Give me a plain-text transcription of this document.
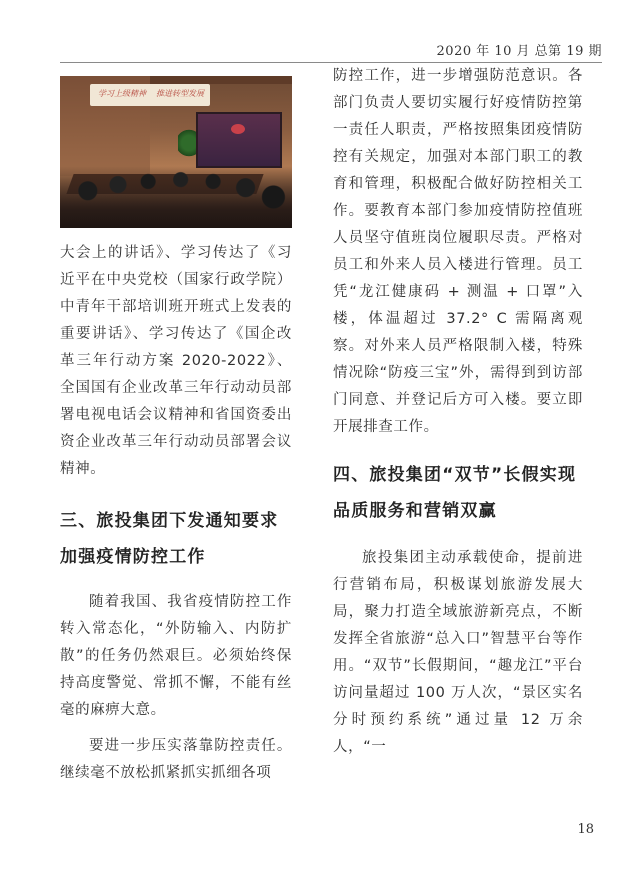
2020 年 10 月 总第 19 期
学习上级精神 推进转型发展

大会上的讲话》、学习传达了《习近平在中央党校（国家行政学院）中青年干部培训班开班式上发表的重要讲话》、学习传达了《国企改革三年行动方案 2020-2022》、全国国有企业改革三年行动动员部署电视电话会议精神和省国资委出资企业改革三年行动动员部署会议精神。

三、旅投集团下发通知要求加强疫情防控工作

随着我国、我省疫情防控工作转入常态化，“外防输入、内防扩散”的任务仍然艰巨。必须始终保持高度警觉、常抓不懈，不能有丝毫的麻痹大意。

要进一步压实落靠防控责任。继续毫不放松抓紧抓实抓细各项

防控工作，进一步增强防范意识。各部门负责人要切实履行好疫情防控第一责任人职责，严格按照集团疫情防控有关规定，加强对本部门职工的教育和管理，积极配合做好防控相关工作。要教育本部门参加疫情防控值班人员坚守值班岗位履职尽责。严格对员工和外来人员入楼进行管理。员工凭“龙江健康码 + 测温 + 口罩”入楼，体温超过 37.2° C 需隔离观察。对外来人员严格限制入楼，特殊情况除“防疫三宝”外，需得到到访部门同意、并登记后方可入楼。要立即开展排查工作。

四、旅投集团“双节”长假实现品质服务和营销双赢

旅投集团主动承载使命，提前进行营销布局，积极谋划旅游发展大局，聚力打造全域旅游新亮点，不断发挥全省旅游“总入口”智慧平台等作用。“双节”长假期间，“趣龙江”平台访问量超过 100 万人次，“景区实名分时预约系统”通过量 12 万余人，“一

18
